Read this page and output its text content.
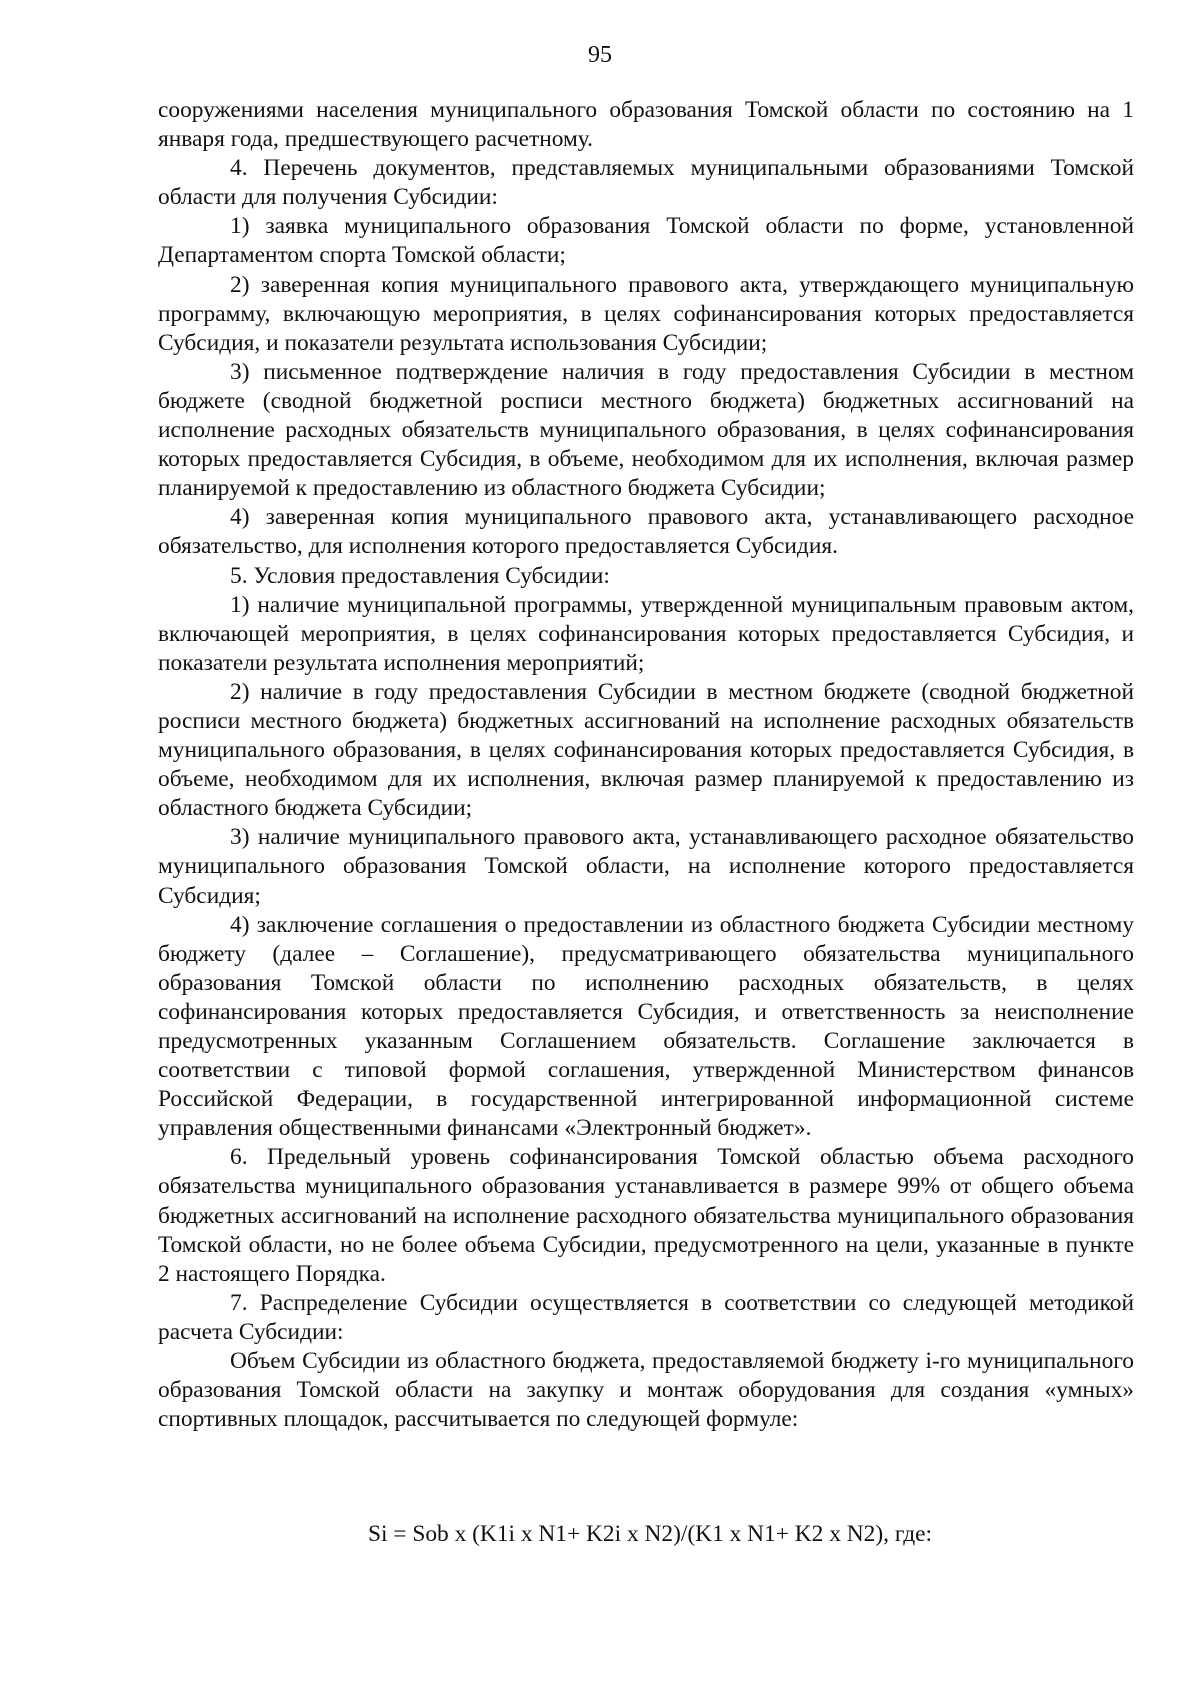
95

сооружениями населения муниципального образования Томской области по состоянию на 1 января года, предшествующего расчетному.

4. Перечень документов, представляемых муниципальными образованиями Томской области для получения Субсидии:

1) заявка муниципального образования Томской области по форме, установленной Департаментом спорта Томской области;

2) заверенная копия муниципального правового акта, утверждающего муниципальную программу, включающую мероприятия, в целях софинансирования которых предоставляется Субсидия, и показатели результата использования Субсидии;

3) письменное подтверждение наличия в году предоставления Субсидии в местном бюджете (сводной бюджетной росписи местного бюджета) бюджетных ассигнований на исполнение расходных обязательств муниципального образования, в целях софинансирования которых предоставляется Субсидия, в объеме, необходимом для их исполнения, включая размер планируемой к предоставлению из областного бюджета Субсидии;

4) заверенная копия муниципального правового акта, устанавливающего расходное обязательство, для исполнения которого предоставляется Субсидия.

5. Условия предоставления Субсидии:

1) наличие муниципальной программы, утвержденной муниципальным правовым актом, включающей мероприятия, в целях софинансирования которых предоставляется Субсидия, и показатели результата исполнения мероприятий;

2) наличие в году предоставления Субсидии в местном бюджете (сводной бюджетной росписи местного бюджета) бюджетных ассигнований на исполнение расходных обязательств муниципального образования, в целях софинансирования которых предоставляется Субсидия, в объеме, необходимом для их исполнения, включая размер планируемой к предоставлению из областного бюджета Субсидии;

3) наличие муниципального правового акта, устанавливающего расходное обязательство муниципального образования Томской области, на исполнение которого предоставляется Субсидия;

4) заключение соглашения о предоставлении из областного бюджета Субсидии местному бюджету (далее – Соглашение), предусматривающего обязательства муниципального образования Томской области по исполнению расходных обязательств, в целях софинансирования которых предоставляется Субсидия, и ответственность за неисполнение предусмотренных указанным Соглашением обязательств. Соглашение заключается в соответствии с типовой формой соглашения, утвержденной Министерством финансов Российской Федерации, в государственной интегрированной информационной системе управления общественными финансами «Электронный бюджет».

6. Предельный уровень софинансирования Томской областью объема расходного обязательства муниципального образования устанавливается в размере 99% от общего объема бюджетных ассигнований на исполнение расходного обязательства муниципального образования Томской области, но не более объема Субсидии, предусмотренного на цели, указанные в пункте 2 настоящего Порядка.

7. Распределение Субсидии осуществляется в соответствии со следующей методикой расчета Субсидии:

Объем Субсидии из областного бюджета, предоставляемой бюджету i-го муниципального образования Томской области на закупку и монтаж оборудования для создания «умных» спортивных площадок, рассчитывается по следующей формуле:

Si = Sob x (K1i x N1+ K2i x N2)/(K1 x N1+ K2 x N2), где:
